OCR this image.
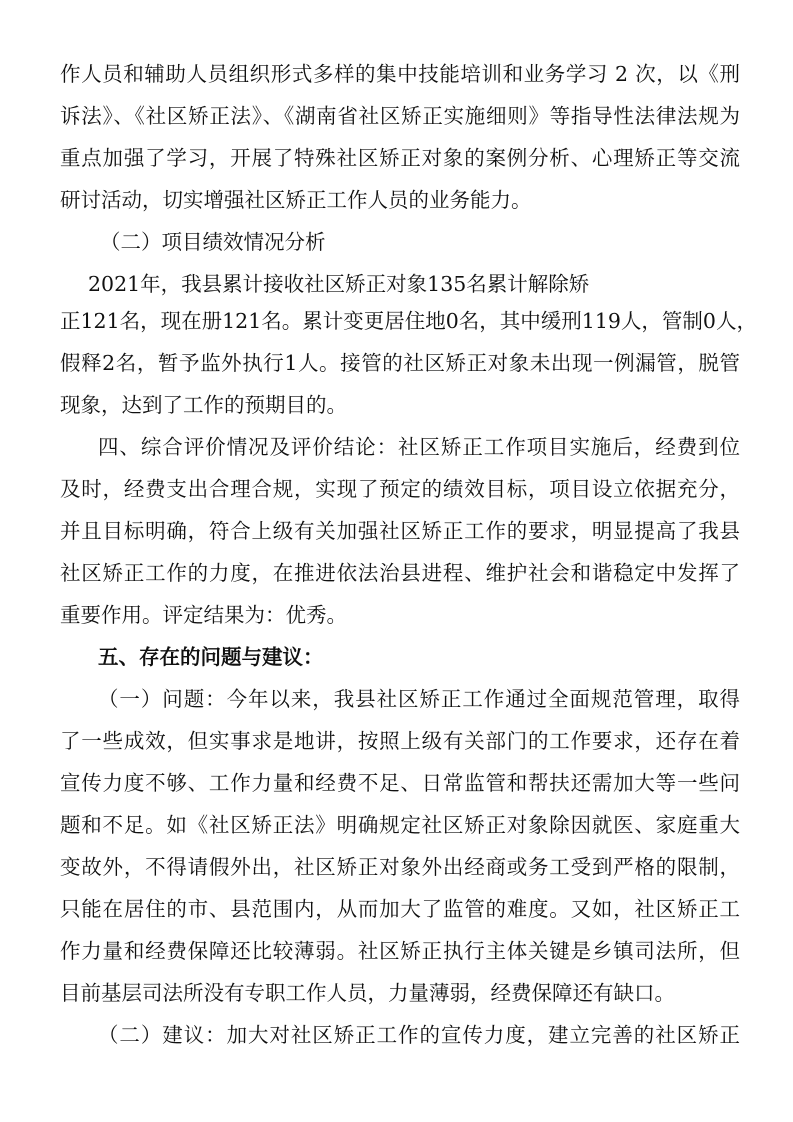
作人员和辅助人员组织形式多样的集中技能培训和业务学习 2 次，以《刑
诉法》、《社区矫正法》、《湖南省社区矫正实施细则》等指导性法律法规为
重点加强了学习，开展了特殊社区矫正对象的案例分析、心理矫正等交流
研讨活动，切实增强社区矫正工作人员的业务能力。
（二）项目绩效情况分析
2021年，我县累计接收社区矫正对象135名累计解除矫
正121名，现在册121名。累计变更居住地0名，其中缓刑119人，管制0人，
假释2名，暂予监外执行1人。接管的社区矫正对象未出现一例漏管，脱管
现象，达到了工作的预期目的。
四、综合评价情况及评价结论：社区矫正工作项目实施后，经费到位
及时，经费支出合理合规，实现了预定的绩效目标，项目设立依据充分，
并且目标明确，符合上级有关加强社区矫正工作的要求，明显提高了我县
社区矫正工作的力度，在推进依法治县进程、维护社会和谐稳定中发挥了
重要作用。评定结果为：优秀。
五、存在的问题与建议：
（一）问题：今年以来，我县社区矫正工作通过全面规范管理，取得
了一些成效，但实事求是地讲，按照上级有关部门的工作要求，还存在着
宣传力度不够、工作力量和经费不足、日常监管和帮扶还需加大等一些问
题和不足。如《社区矫正法》明确规定社区矫正对象除因就医、家庭重大
变故外，不得请假外出，社区矫正对象外出经商或务工受到严格的限制，
只能在居住的市、县范围内，从而加大了监管的难度。又如，社区矫正工
作力量和经费保障还比较薄弱。社区矫正执行主体关键是乡镇司法所，但
目前基层司法所没有专职工作人员，力量薄弱，经费保障还有缺口。
（二）建议：加大对社区矫正工作的宣传力度，建立完善的社区矫正
